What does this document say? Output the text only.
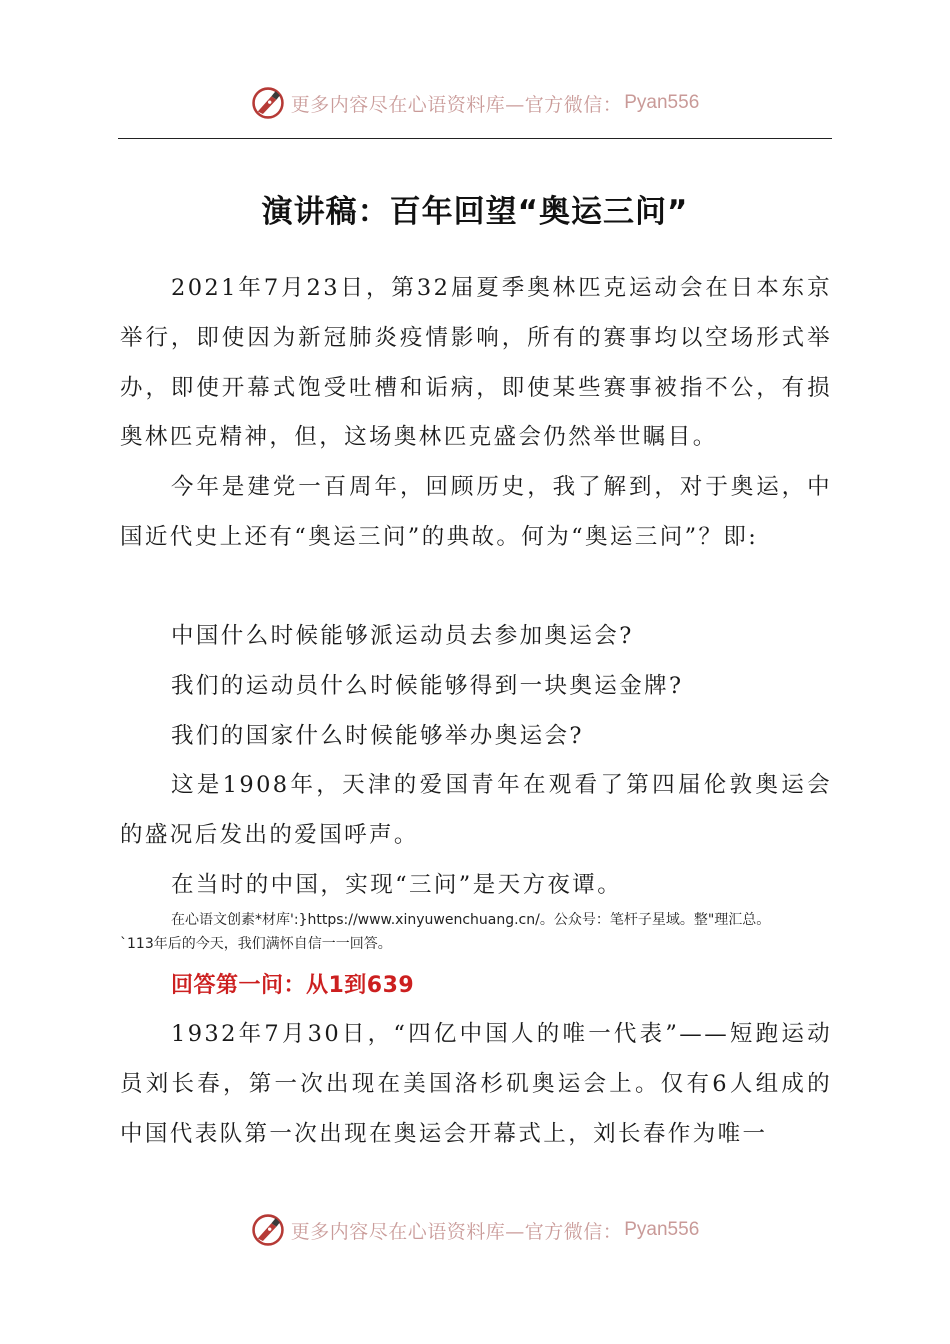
更多内容尽在心语资料库—官方微信： Pyan556
演讲稿：百年回望“奥运三问”

2021年7月23日，第32届夏季奥林匹克运动会在日本东京举行，即使因为新冠肺炎疫情影响，所有的赛事均以空场形式举办，即使开幕式饱受吐槽和诟病，即使某些赛事被指不公，有损奥林匹克精神，但，这场奥林匹克盛会仍然举世瞩目。

今年是建党一百周年，回顾历史，我了解到，对于奥运，中国近代史上还有“奥运三问”的典故。何为“奥运三问”？即:

中国什么时候能够派运动员去参加奥运会?

我们的运动员什么时候能够得到一块奥运金牌?

我们的国家什么时候能够举办奥运会?

这是1908年，天津的爱国青年在观看了第四届伦敦奥运会的盛况后发出的爱国呼声。

在当时的中国，实现“三问”是天方夜谭。

在心语文创素*材库':}https://www.xinyuwenchuang.cn/。公众号：笔杆子星域。整"理汇总。

`113年后的今天，我们满怀自信一一回答。

回答第一问：从1到639

1932年7月30日，“四亿中国人的唯一代表”——短跑运动员刘长春，第一次出现在美国洛杉矶奥运会上。仅有6人组成的中国代表队第一次出现在奥运会开幕式上，刘长春作为唯一

更多内容尽在心语资料库—官方微信： Pyan556
